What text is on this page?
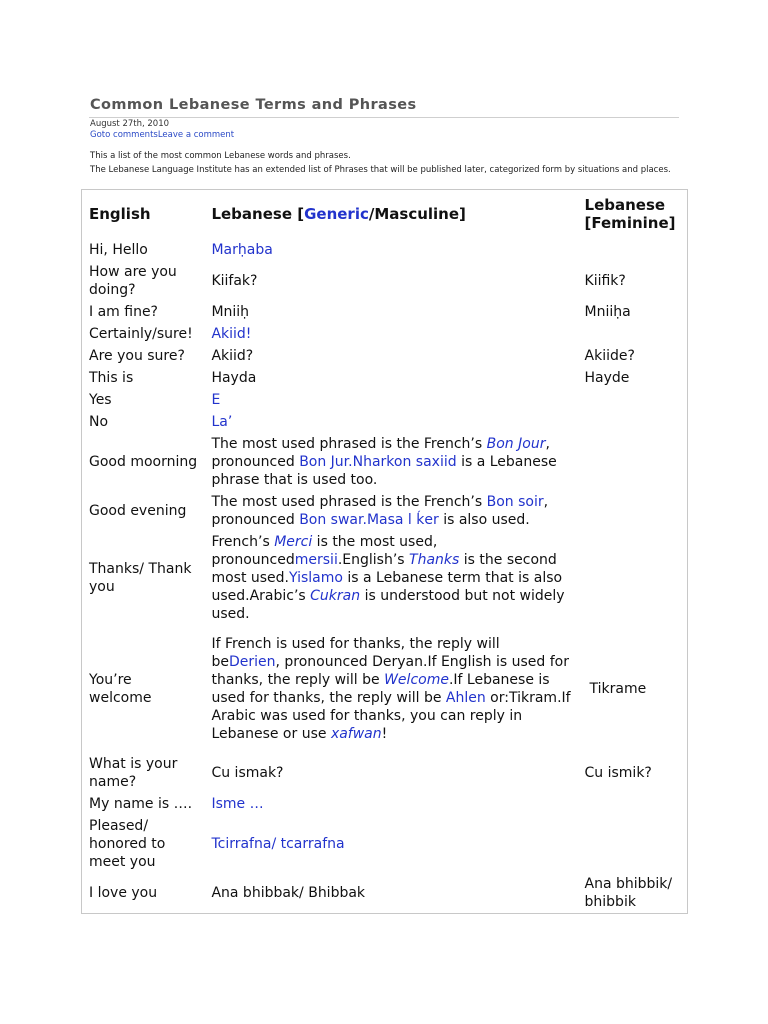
Common Lebanese Terms and Phrases
August 27th, 2010
Goto commentsLeave a comment

This a list of the most common Lebanese words and phrases.

The Lebanese Language Institute has an extended list of Phrases that will be published later, categorized form by situations and places.

English	Lebanese [Generic/Masculine]	Lebanese [Feminine]
Hi, Hello	Marḥaba	
How are you doing?	Kiifak?	Kiifik?
I am fine?	Mniiḥ	Mniiḥa
Certainly/sure!	Akiid!	
Are you sure?	Akiid?	Akiide?
This is	Hayda	Hayde
Yes	E	
No	La’	
Good moorning	The most used phrased is the French’s Bon Jour, pronounced Bon Jur.Nharkon saxiid is a Lebanese phrase that is used too.	
Good evening	The most used phrased is the French’s Bon soir, pronounced Bon swar.Masa l ḱer is also used.	
Thanks/ Thank you	French’s Merci is the most used, pronouncedmersii.English’s Thanks is the second most used.Yislamo is a Lebanese term that is also used.Arabic’s Cukran is understood but not widely used.	
You’re welcome	If French is used for thanks, the reply will beDerien, pronounced Deryan.If English is used for thanks, the reply will be Welcome.If Lebanese is used for thanks, the reply will be Ahlen or:Tikram.If Arabic was used for thanks, you can reply in Lebanese or use xafwan!	Tikrame
What is your name?	Cu ismak?	Cu ismik?
My name is ….	Isme …	
Pleased/ honored to meet you	Tcirrafna/ tcarrafna	
I love you	Ana bhibbak/ Bhibbak	Ana bhibbik/ bhibbik
